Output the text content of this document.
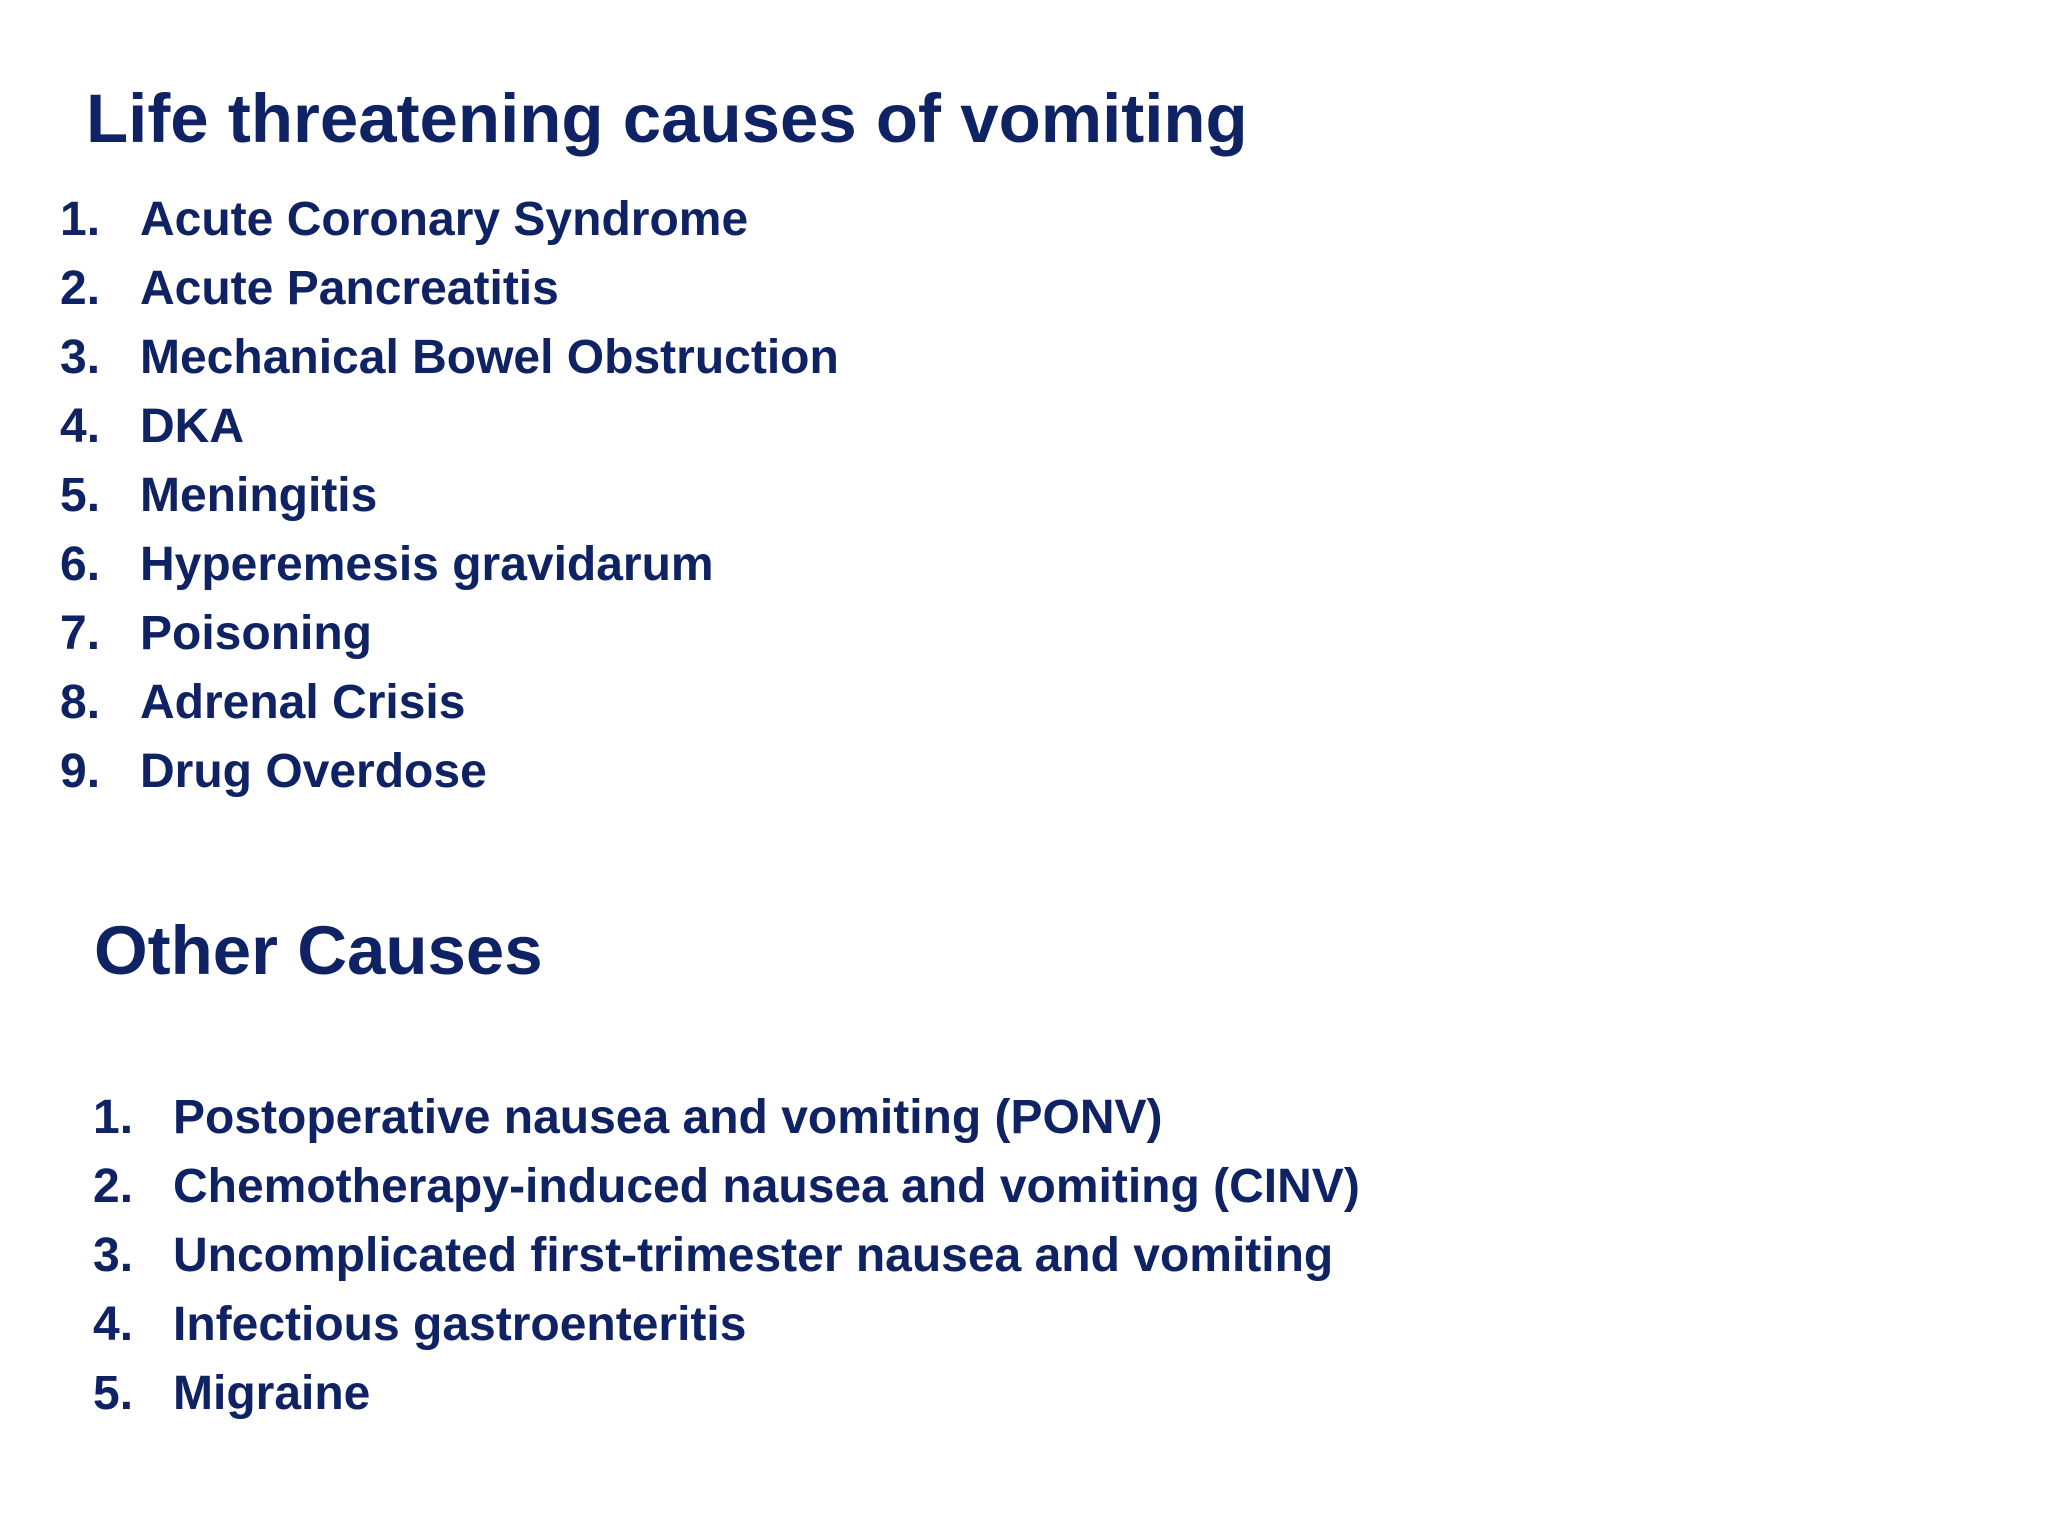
Life threatening causes of vomiting
1. Acute Coronary Syndrome
2. Acute Pancreatitis
3. Mechanical Bowel Obstruction
4. DKA
5. Meningitis
6. Hyperemesis gravidarum
7. Poisoning
8. Adrenal Crisis
9. Drug Overdose
Other Causes
1. Postoperative nausea and vomiting (PONV)
2. Chemotherapy-induced nausea and vomiting (CINV)
3. Uncomplicated first-trimester nausea and vomiting
4. Infectious gastroenteritis
5. Migraine
